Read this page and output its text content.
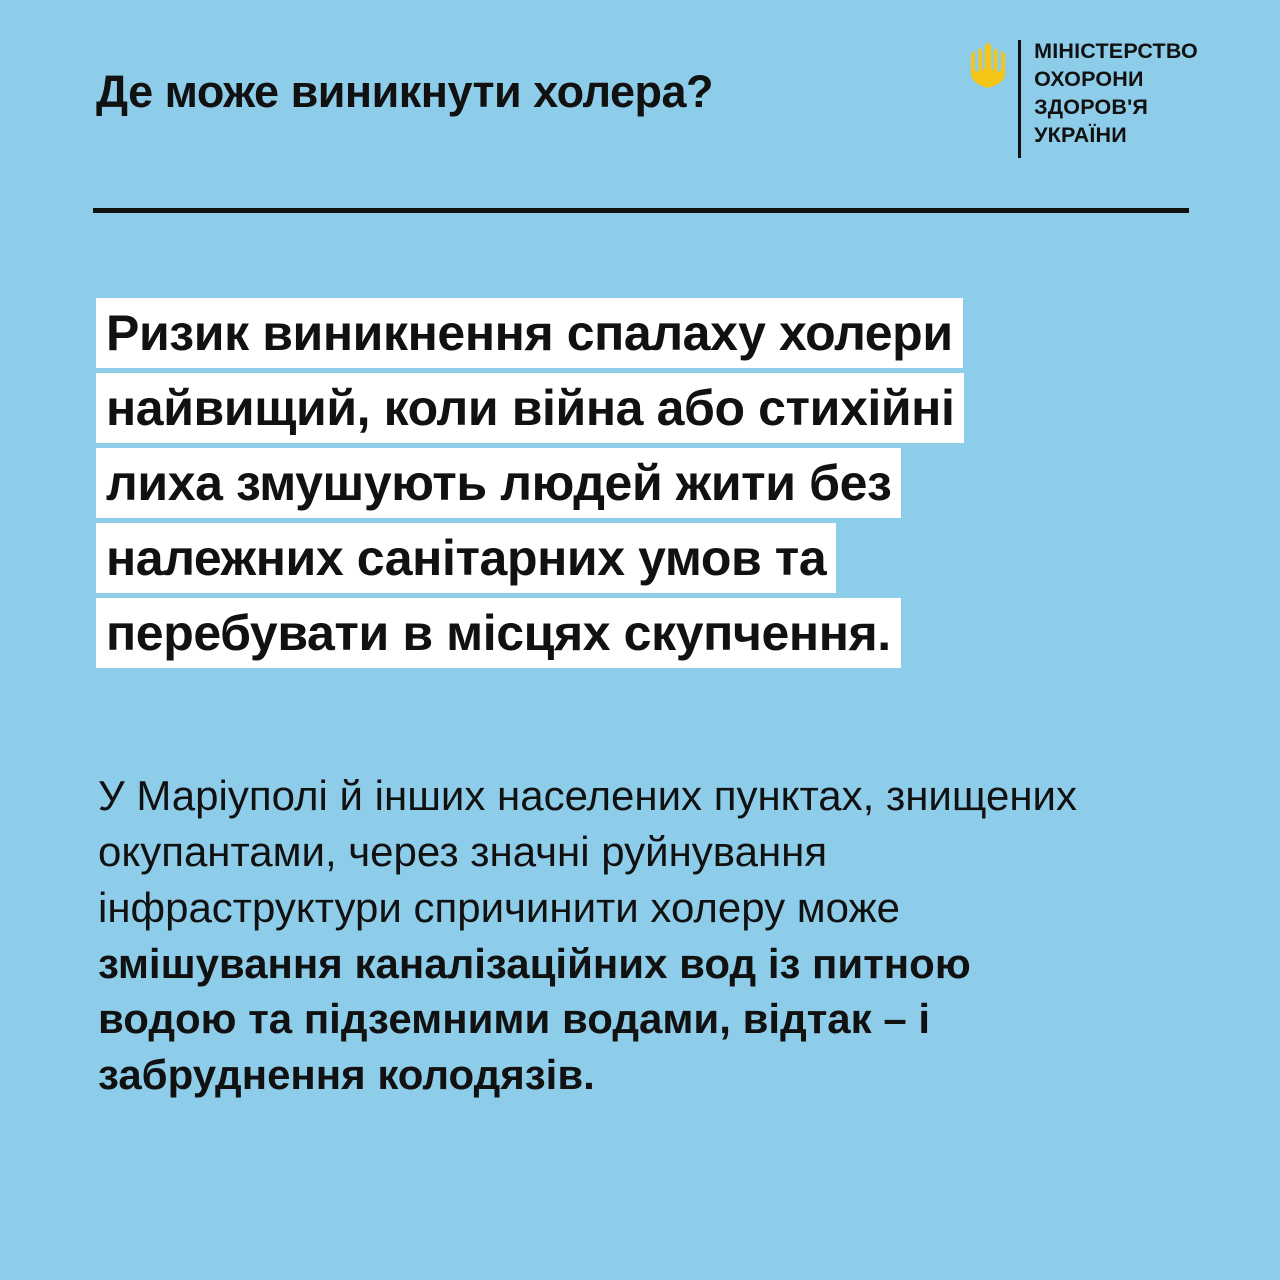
Де може виникнути холера?
МІНІСТЕРСТВО
ОХОРОНИ
ЗДОРОВ'Я
УКРАЇНИ
Ризик виникнення спалаху холери
найвищий, коли війна або стихійні
лиха змушують людей жити без
належних санітарних умов та
перебувати в місцях скупчення.
У Маріуполі й інших населених пунктах, знищених окупантами, через значні руйнування інфраструктури спричинити холеру може змішування каналізаційних вод із питною водою та підземними водами, відтак – і забруднення колодязів.
